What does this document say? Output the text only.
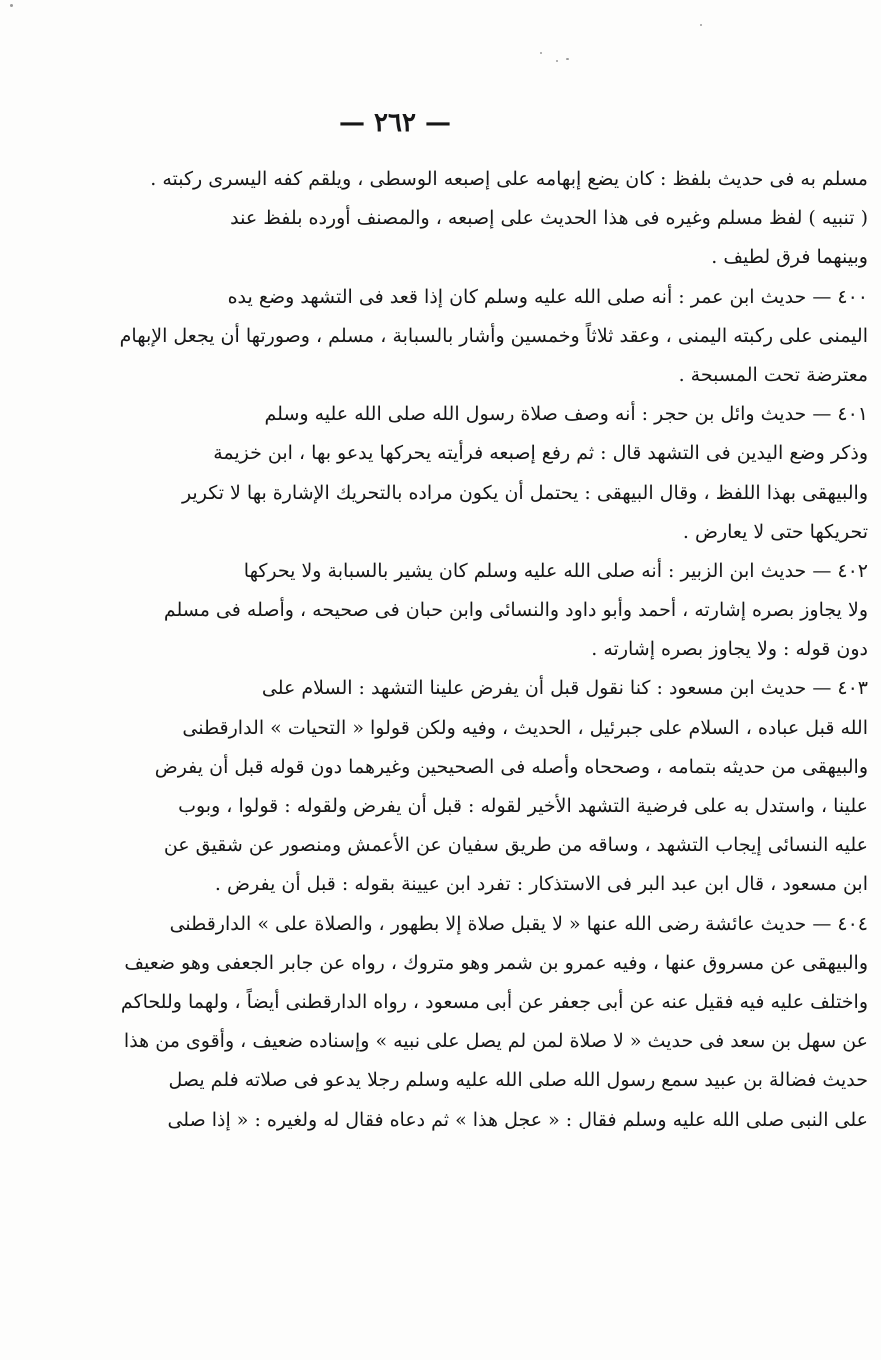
— ٢٦٢ —
مسلم به فى حديث بلفظ : كان يضع إبهامه على إصبعه الوسطى ، ويلقم كفه اليسرى ركبته .
( تنبيه ) لفظ مسلم وغيره فى هذا الحديث على إصبعه ، والمصنف أورده بلفظ عند
وبينهما فرق لطيف .
٤٠٠ — حديث ابن عمر : أنه صلى الله عليه وسلم كان إذا قعد فى التشهد وضع يده
اليمنى على ركبته اليمنى ، وعقد ثلاثاً وخمسين وأشار بالسبابة ، مسلم ، وصورتها أن يجعل الإبهام
معترضة تحت المسبحة .
٤٠١ — حديث وائل بن حجر : أنه وصف صلاة رسول الله صلى الله عليه وسلم
وذكر وضع اليدين فى التشهد قال : ثم رفع إصبعه فرأيته يحركها يدعو بها ، ابن خزيمة
والبيهقى بهذا اللفظ ، وقال البيهقى : يحتمل أن يكون مراده بالتحريك الإشارة بها لا تكرير
تحريكها حتى لا يعارض .
٤٠٢ — حديث ابن الزبير : أنه صلى الله عليه وسلم كان يشير بالسبابة ولا يحركها
ولا يجاوز بصره إشارته ، أحمد وأبو داود والنسائى وابن حبان فى صحيحه ، وأصله فى مسلم
دون قوله : ولا يجاوز بصره إشارته .
٤٠٣ — حديث ابن مسعود : كنا نقول قبل أن يفرض علينا التشهد : السلام على
الله قبل عباده ، السلام على جبرئيل ، الحديث ، وفيه ولكن قولوا « التحيات » الدارقطنى
والبيهقى من حديثه بتمامه ، وصححاه وأصله فى الصحيحين وغيرهما دون قوله قبل أن يفرض
علينا ، واستدل به على فرضية التشهد الأخير لقوله : قبل أن يفرض ولقوله : قولوا ، وبوب
عليه النسائى إيجاب التشهد ، وساقه من طريق سفيان عن الأعمش ومنصور عن شقيق عن
ابن مسعود ، قال ابن عبد البر فى الاستذكار : تفرد ابن عيينة بقوله : قبل أن يفرض .
٤٠٤ — حديث عائشة رضى الله عنها « لا يقبل صلاة إلا بطهور ، والصلاة على » الدارقطنى
والبيهقى عن مسروق عنها ، وفيه عمرو بن شمر وهو متروك ، رواه عن جابر الجعفى وهو ضعيف
واختلف عليه فيه فقيل عنه عن أبى جعفر عن أبى مسعود ، رواه الدارقطنى أيضاً ، ولهما وللحاكم
عن سهل بن سعد فى حديث « لا صلاة لمن لم يصل على نبيه » وإسناده ضعيف ، وأقوى من هذا
حديث فضالة بن عبيد سمع رسول الله صلى الله عليه وسلم رجلا يدعو فى صلاته فلم يصل
على النبى صلى الله عليه وسلم فقال : « عجل هذا » ثم دعاه فقال له ولغيره : « إذا صلى
